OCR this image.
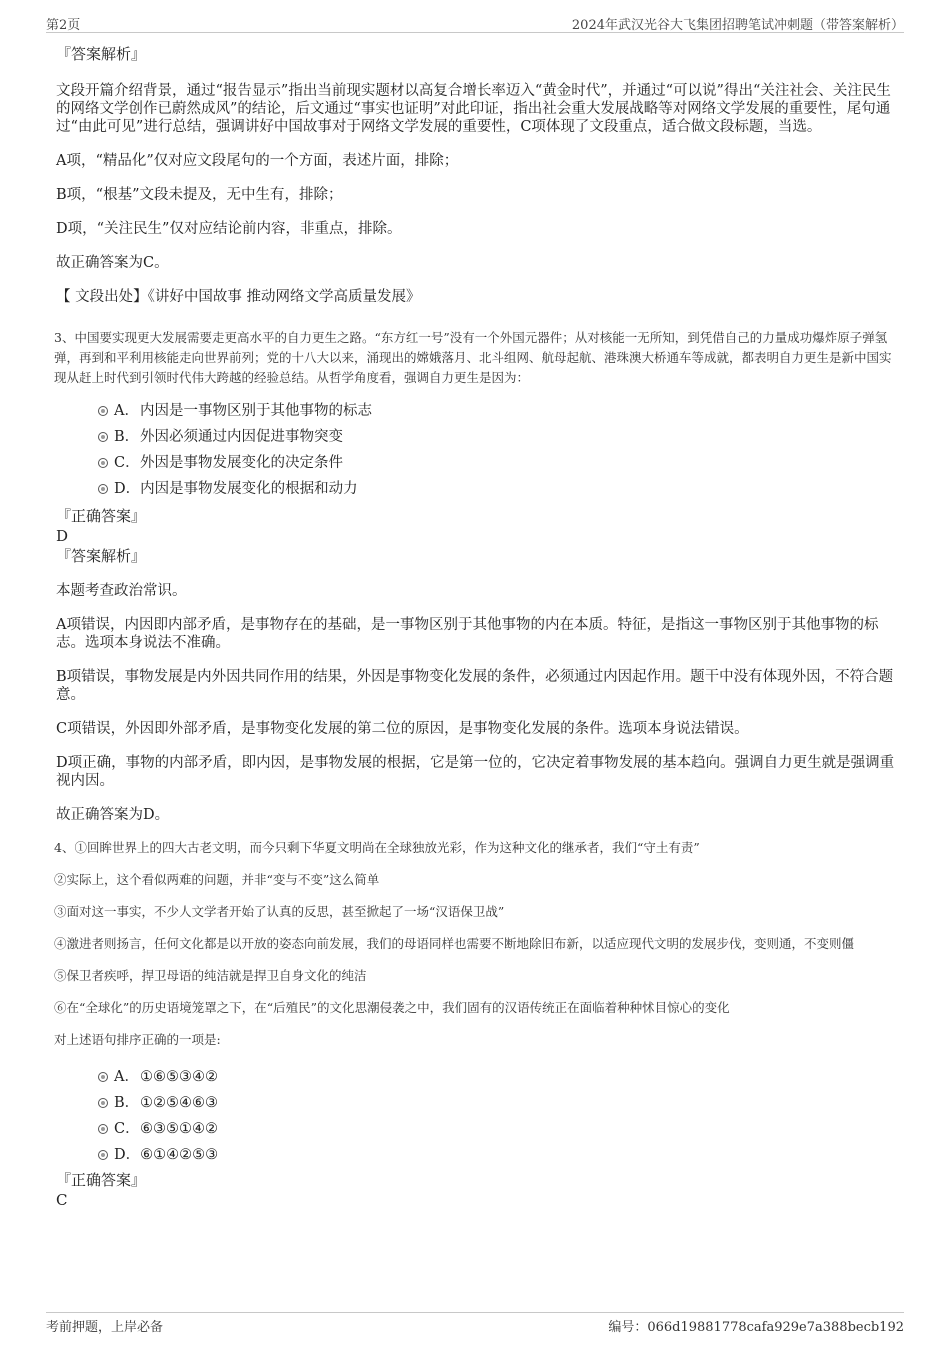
第2页	2024年武汉光谷大飞集团招聘笔试冲刺题（带答案解析）

『答案解析』

文段开篇介绍背景，通过“报告显示”指出当前现实题材以高复合增长率迈入“黄金时代”，并通过“可以说”得出“关注社会、关注民生的网络文学创作已蔚然成风”的结论，后文通过“事实也证明”对此印证，指出社会重大发展战略等对网络文学发展的重要性，尾句通过“由此可见”进行总结，强调讲好中国故事对于网络文学发展的重要性，C项体现了文段重点，适合做文段标题，当选。

A项，“精品化”仅对应文段尾句的一个方面，表述片面，排除；

B项，“根基”文段未提及，无中生有，排除；

D项，“关注民生”仅对应结论前内容，非重点，排除。

故正确答案为C。

【 文段出处】《讲好中国故事 推动网络文学高质量发展》

3、中国要实现更大发展需要走更高水平的自力更生之路。“东方红一号”没有一个外国元器件；从对核能一无所知，到凭借自己的力量成功爆炸原子弹氢弹，再到和平利用核能走向世界前列；党的十八大以来，涌现出的嫦娥落月、北斗组网、航母起航、港珠澳大桥通车等成就，都表明自力更生是新中国实现从赶上时代到引领时代伟大跨越的经验总结。从哲学角度看，强调自力更生是因为：

A．内因是一事物区别于其他事物的标志
B．外因必须通过内因促进事物突变
C．外因是事物发展变化的决定条件
D．内因是事物发展变化的根据和动力

『正确答案』

D

『答案解析』

本题考查政治常识。

A项错误，内因即内部矛盾，是事物存在的基础，是一事物区别于其他事物的内在本质。特征，是指这一事物区别于其他事物的标志。选项本身说法不准确。

B项错误，事物发展是内外因共同作用的结果，外因是事物变化发展的条件，必须通过内因起作用。题干中没有体现外因，不符合题意。

C项错误，外因即外部矛盾，是事物变化发展的第二位的原因，是事物变化发展的条件。选项本身说法错误。

D项正确，事物的内部矛盾，即内因，是事物发展的根据，它是第一位的，它决定着事物发展的基本趋向。强调自力更生就是强调重视内因。

故正确答案为D。

4、①回眸世界上的四大古老文明，而今只剩下华夏文明尚在全球独放光彩，作为这种文化的继承者，我们“守土有责”

②实际上，这个看似两难的问题，并非“变与不变”这么简单

③面对这一事实，不少人文学者开始了认真的反思，甚至掀起了一场“汉语保卫战”

④激进者则扬言，任何文化都是以开放的姿态向前发展，我们的母语同样也需要不断地除旧布新，以适应现代文明的发展步伐，变则通，不变则僵

⑤保卫者疾呼，捍卫母语的纯洁就是捍卫自身文化的纯洁

⑥在“全球化”的历史语境笼罩之下，在“后殖民”的文化思潮侵袭之中，我们固有的汉语传统正在面临着种种怵目惊心的变化

对上述语句排序正确的一项是:

A．①⑥⑤③④②
B．①②⑤④⑥③
C．⑥③⑤①④②
D．⑥①④②⑤③

『正确答案』

C

考前押题，上岸必备	编号：066d19881778cafa929e7a388becb192
